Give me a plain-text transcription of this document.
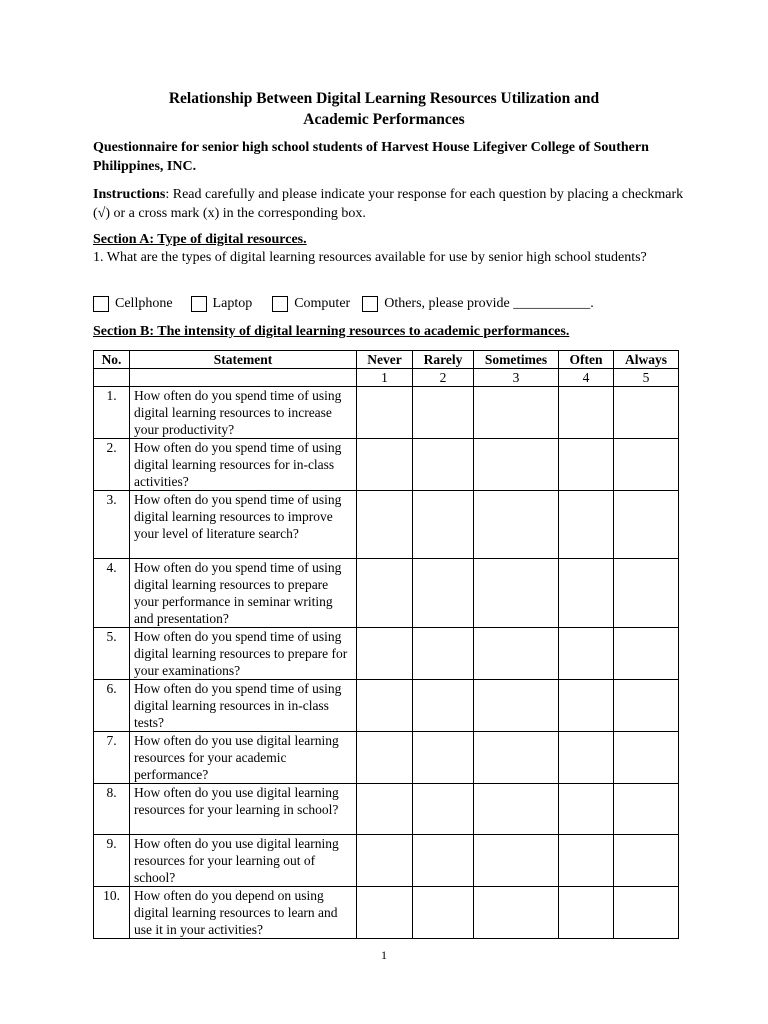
Relationship Between Digital Learning Resources Utilization and
Academic Performances
Questionnaire for senior high school students of Harvest House Lifegiver College of Southern Philippines, INC.
Instructions: Read carefully and please indicate your response for each question by placing a checkmark (√) or a cross mark (x) in the corresponding box.
Section A: Type of digital resources.
1. What are the types of digital learning resources available for use by senior high school students?
Cellphone	Laptop	Computer Others, please provide ___________.
Section B: The intensity of digital learning resources to academic performances.
No.	Statement	Never	Rarely	Sometimes	Often	Always
		1	2	3	4	5
1.	How often do you spend time of using digital learning resources to increase your productivity?					
2.	How often do you spend time of using digital learning resources for in-class activities?					
3.	How often do you spend time of using digital learning resources to improve your level of literature search?					
4.	How often do you spend time of using digital learning resources to prepare your performance in seminar writing and presentation?					
5.	How often do you spend time of using digital learning resources to prepare for your examinations?					
6.	How often do you spend time of using digital learning resources in in-class tests?					
7.	How often do you use digital learning resources for your academic performance?					
8.	How often do you use digital learning resources for your learning in school?					
9.	How often do you use digital learning resources for your learning out of school?					
10.	How often do you depend on using digital learning resources to learn and use it in your activities?					
1
